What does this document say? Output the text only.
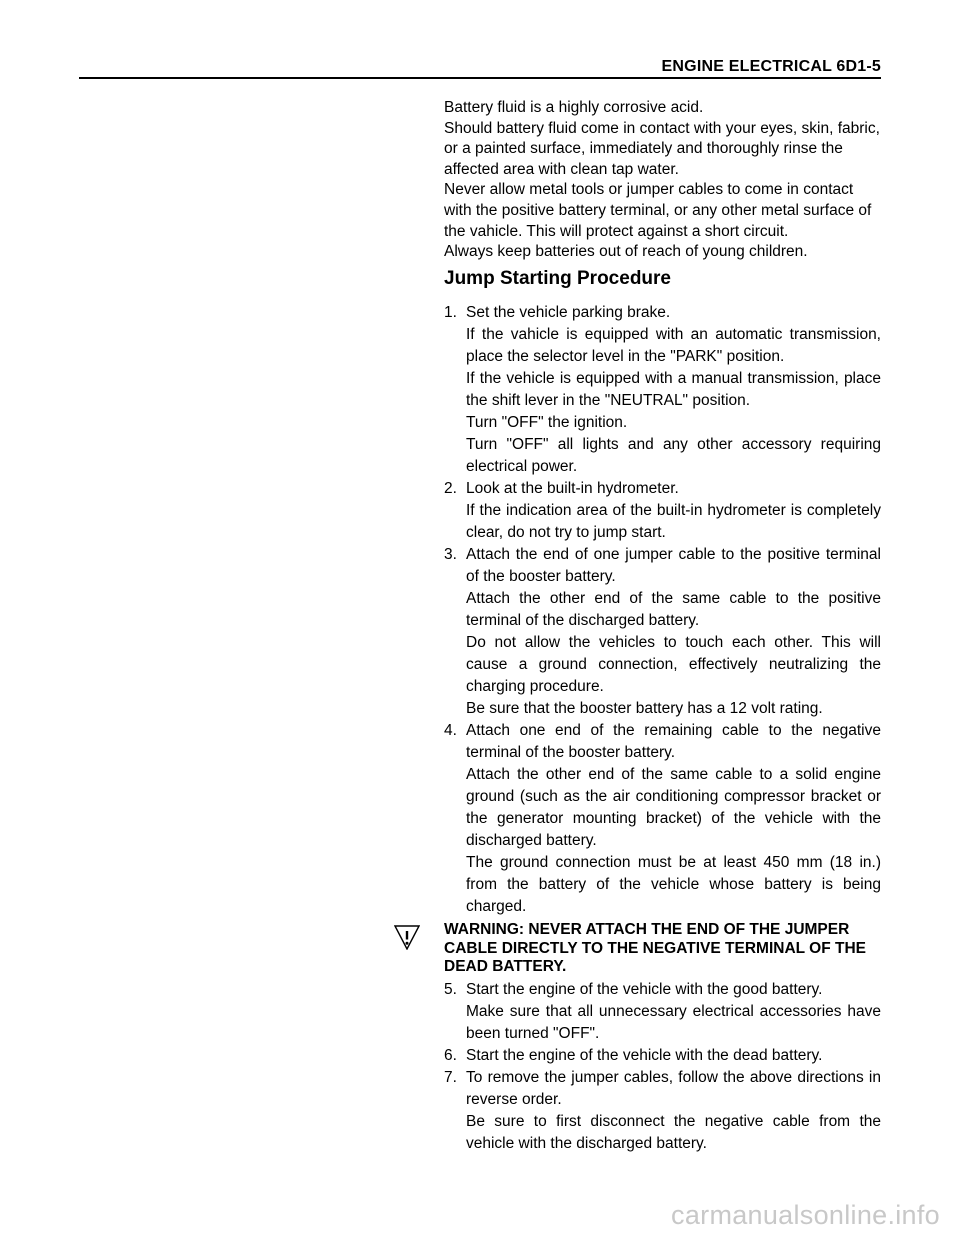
ENGINE ELECTRICAL 6D1-5

Battery fluid is a highly corrosive acid.

Should battery fluid come in contact with your eyes, skin, fabric, or a painted surface, immediately and thoroughly rinse the affected area with clean tap water.

Never allow metal tools or jumper cables to come in contact with the positive battery terminal, or any other metal surface of the vahicle. This will protect against a short circuit.

Always keep batteries out of reach of young children.

Jump Starting Procedure
1. Set the vehicle parking brake.

If the vahicle is equipped with an automatic transmission, place the selector level in the "PARK" position.

If the vehicle is equipped with a manual transmission, place the shift lever in the "NEUTRAL" position.

Turn "OFF" the ignition.

Turn "OFF" all lights and any other accessory requiring electrical power.

2. Look at the built-in hydrometer.

If the indication area of the built-in hydrometer is completely clear, do not try to jump start.

3. Attach the end of one jumper cable to the positive terminal of the booster battery.

Attach the other end of the same cable to the positive terminal of the discharged battery.

Do not allow the vehicles to touch each other. This will cause a ground connection, effectively neutralizing the charging procedure.

Be sure that the booster battery has a 12 volt rating.

4. Attach one end of the remaining cable to the negative terminal of the booster battery.

Attach the other end of the same cable to a solid engine ground (such as the air conditioning compressor bracket or the generator mounting bracket) of the vehicle with the discharged battery.

The ground connection must be at least 450 mm (18 in.) from the battery of the vehicle whose battery is being charged.

WARNING: NEVER ATTACH THE END OF THE JUMPER CABLE DIRECTLY TO THE NEGATIVE TERMINAL OF THE DEAD BATTERY.
5. Start the engine of the vehicle with the good battery.

Make sure that all unnecessary electrical accessories have been turned "OFF".

6. Start the engine of the vehicle with the dead battery.

7. To remove the jumper cables, follow the above directions in reverse order.

Be sure to first disconnect the negative cable from the vehicle with the discharged battery.

carmanualsonline.info
